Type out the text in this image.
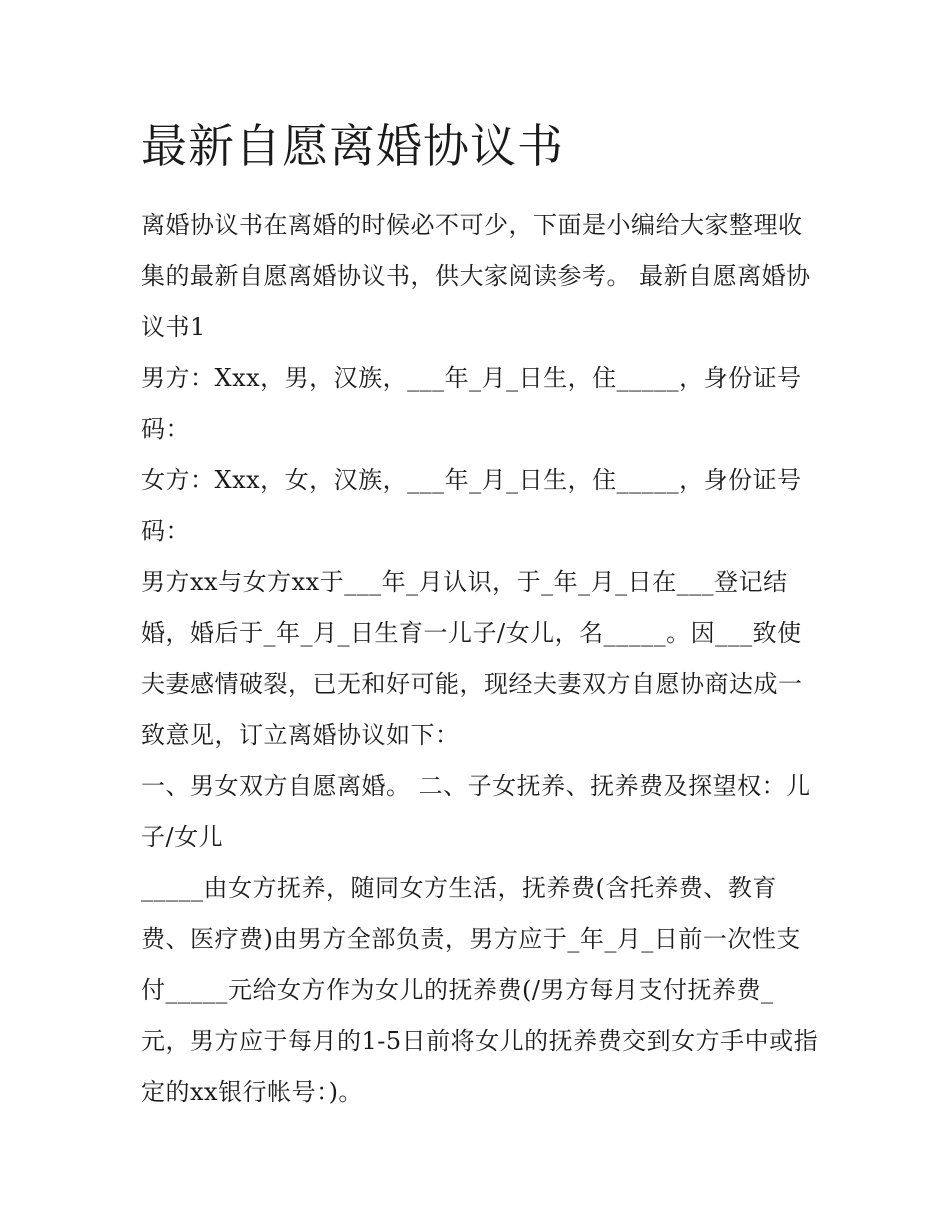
最新自愿离婚协议书

离婚协议书在离婚的时候必不可少，下面是小编给大家整理收集的最新自愿离婚协议书，供大家阅读参考。 最新自愿离婚协议书1

男方：Xxx，男，汉族，___年_月_日生，住_____，身份证号码：

女方：Xxx，女，汉族，___年_月_日生，住_____，身份证号码：

男方xx与女方xx于___年_月认识，于_年_月_日在___登记结婚，婚后于_年_月_日生育一儿子/女儿，名_____。因___致使夫妻感情破裂，已无和好可能，现经夫妻双方自愿协商达成一致意见，订立离婚协议如下：

一、男女双方自愿离婚。 二、子女抚养、抚养费及探望权：儿子/女儿

_____由女方抚养，随同女方生活，抚养费(含托养费、教育费、医疗费)由男方全部负责，男方应于_年_月_日前一次性支付_____元给女方作为女儿的抚养费(/男方每月支付抚养费_元，男方应于每月的1-5日前将女儿的抚养费交到女方手中或指定的xx银行帐号：)。
